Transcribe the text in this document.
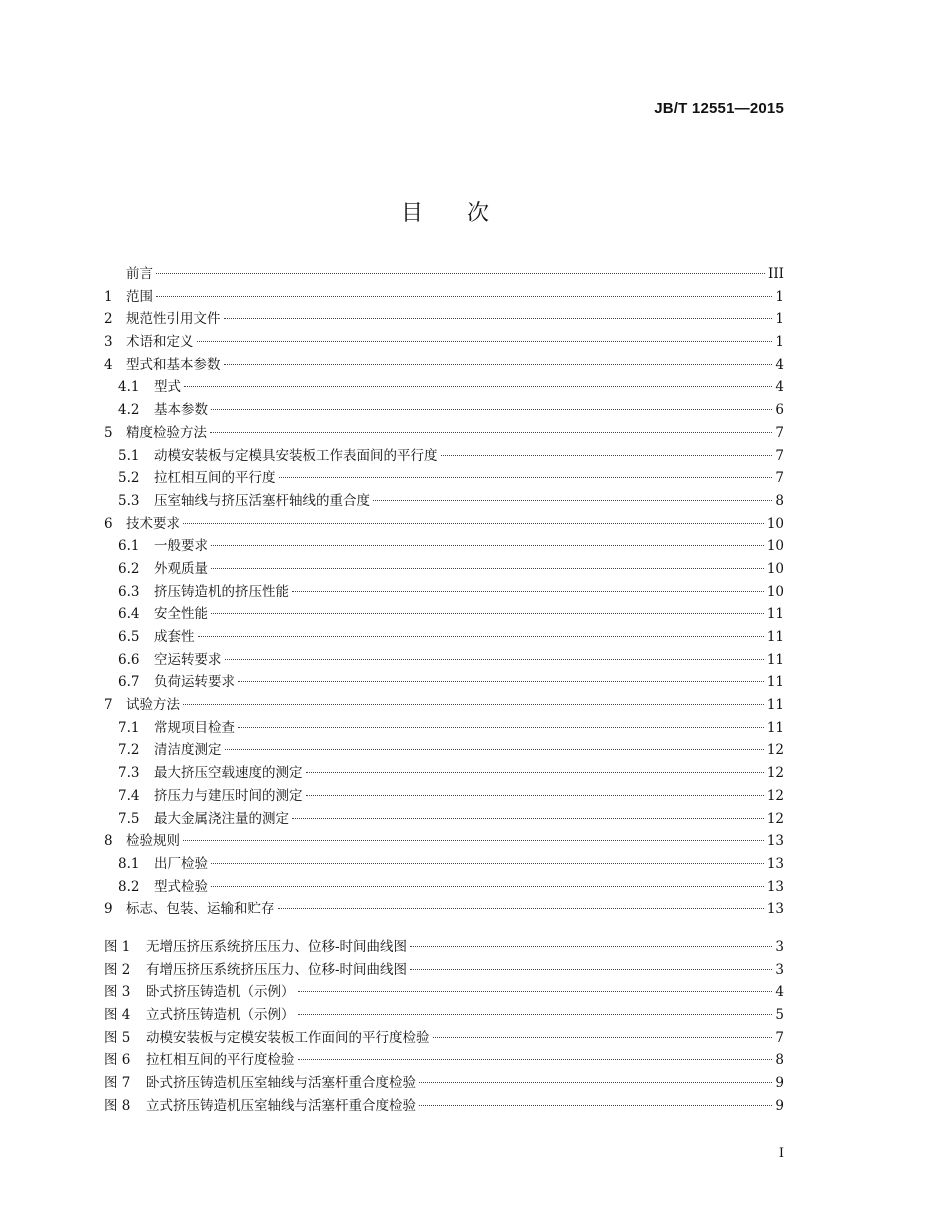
JB/T 12551—2015
目次
前言	III
1 范围	1
2 规范性引用文件	1
3 术语和定义	1
4 型式和基本参数	4
4.1	型式	4
4.2	基本参数	6
5 精度检验方法	7
5.1	动模安装板与定模具安装板工作表面间的平行度	7
5.2	拉杠相互间的平行度	7
5.3	压室轴线与挤压活塞杆轴线的重合度	8
6 技术要求	10
6.1	一般要求	10
6.2	外观质量	10
6.3	挤压铸造机的挤压性能	10
6.4	安全性能	11
6.5	成套性	11
6.6	空运转要求	11
6.7	负荷运转要求	11
7 试验方法	11
7.1	常规项目检查	11
7.2	清洁度测定	12
7.3	最大挤压空载速度的测定	12
7.4	挤压力与建压时间的测定	12
7.5	最大金属浇注量的测定	12
8 检验规则	13
8.1	出厂检验	13
8.2	型式检验	13
9 标志、包装、运输和贮存	13
图 1	无增压挤压系统挤压压力、位移-时间曲线图	3
图 2	有增压挤压系统挤压压力、位移-时间曲线图	3
图 3	卧式挤压铸造机（示例）	4
图 4	立式挤压铸造机（示例）	5
图 5	动模安装板与定模安装板工作面间的平行度检验	7
图 6	拉杠相互间的平行度检验	8
图 7	卧式挤压铸造机压室轴线与活塞杆重合度检验	9
图 8	立式挤压铸造机压室轴线与活塞杆重合度检验	9
I
